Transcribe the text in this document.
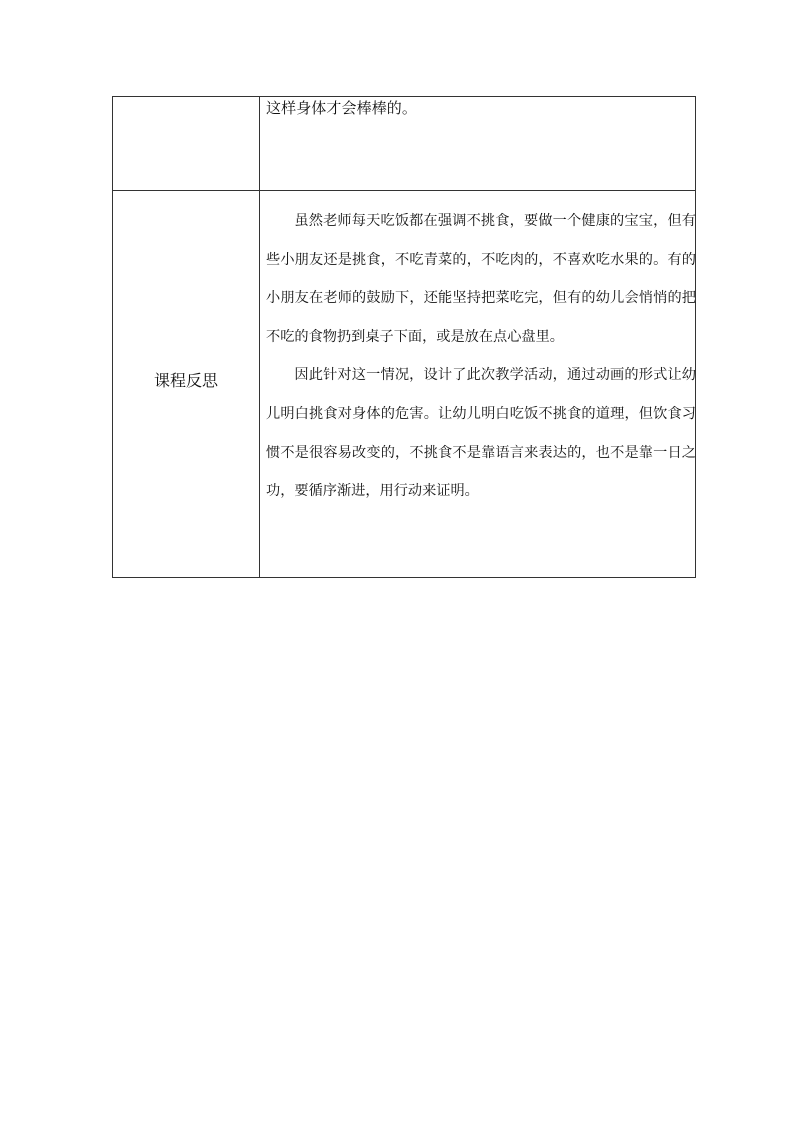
这样身体才会棒棒的。
课程反思

虽然老师每天吃饭都在强调不挑食，要做一个健康的宝宝，但有些小朋友还是挑食，不吃青菜的，不吃肉的，不喜欢吃水果的。有的小朋友在老师的鼓励下，还能坚持把菜吃完，但有的幼儿会悄悄的把不吃的食物扔到桌子下面，或是放在点心盘里。

因此针对这一情况，设计了此次教学活动，通过动画的形式让幼儿明白挑食对身体的危害。让幼儿明白吃饭不挑食的道理，但饮食习惯不是很容易改变的，不挑食不是靠语言来表达的，也不是靠一日之功，要循序渐进，用行动来证明。
